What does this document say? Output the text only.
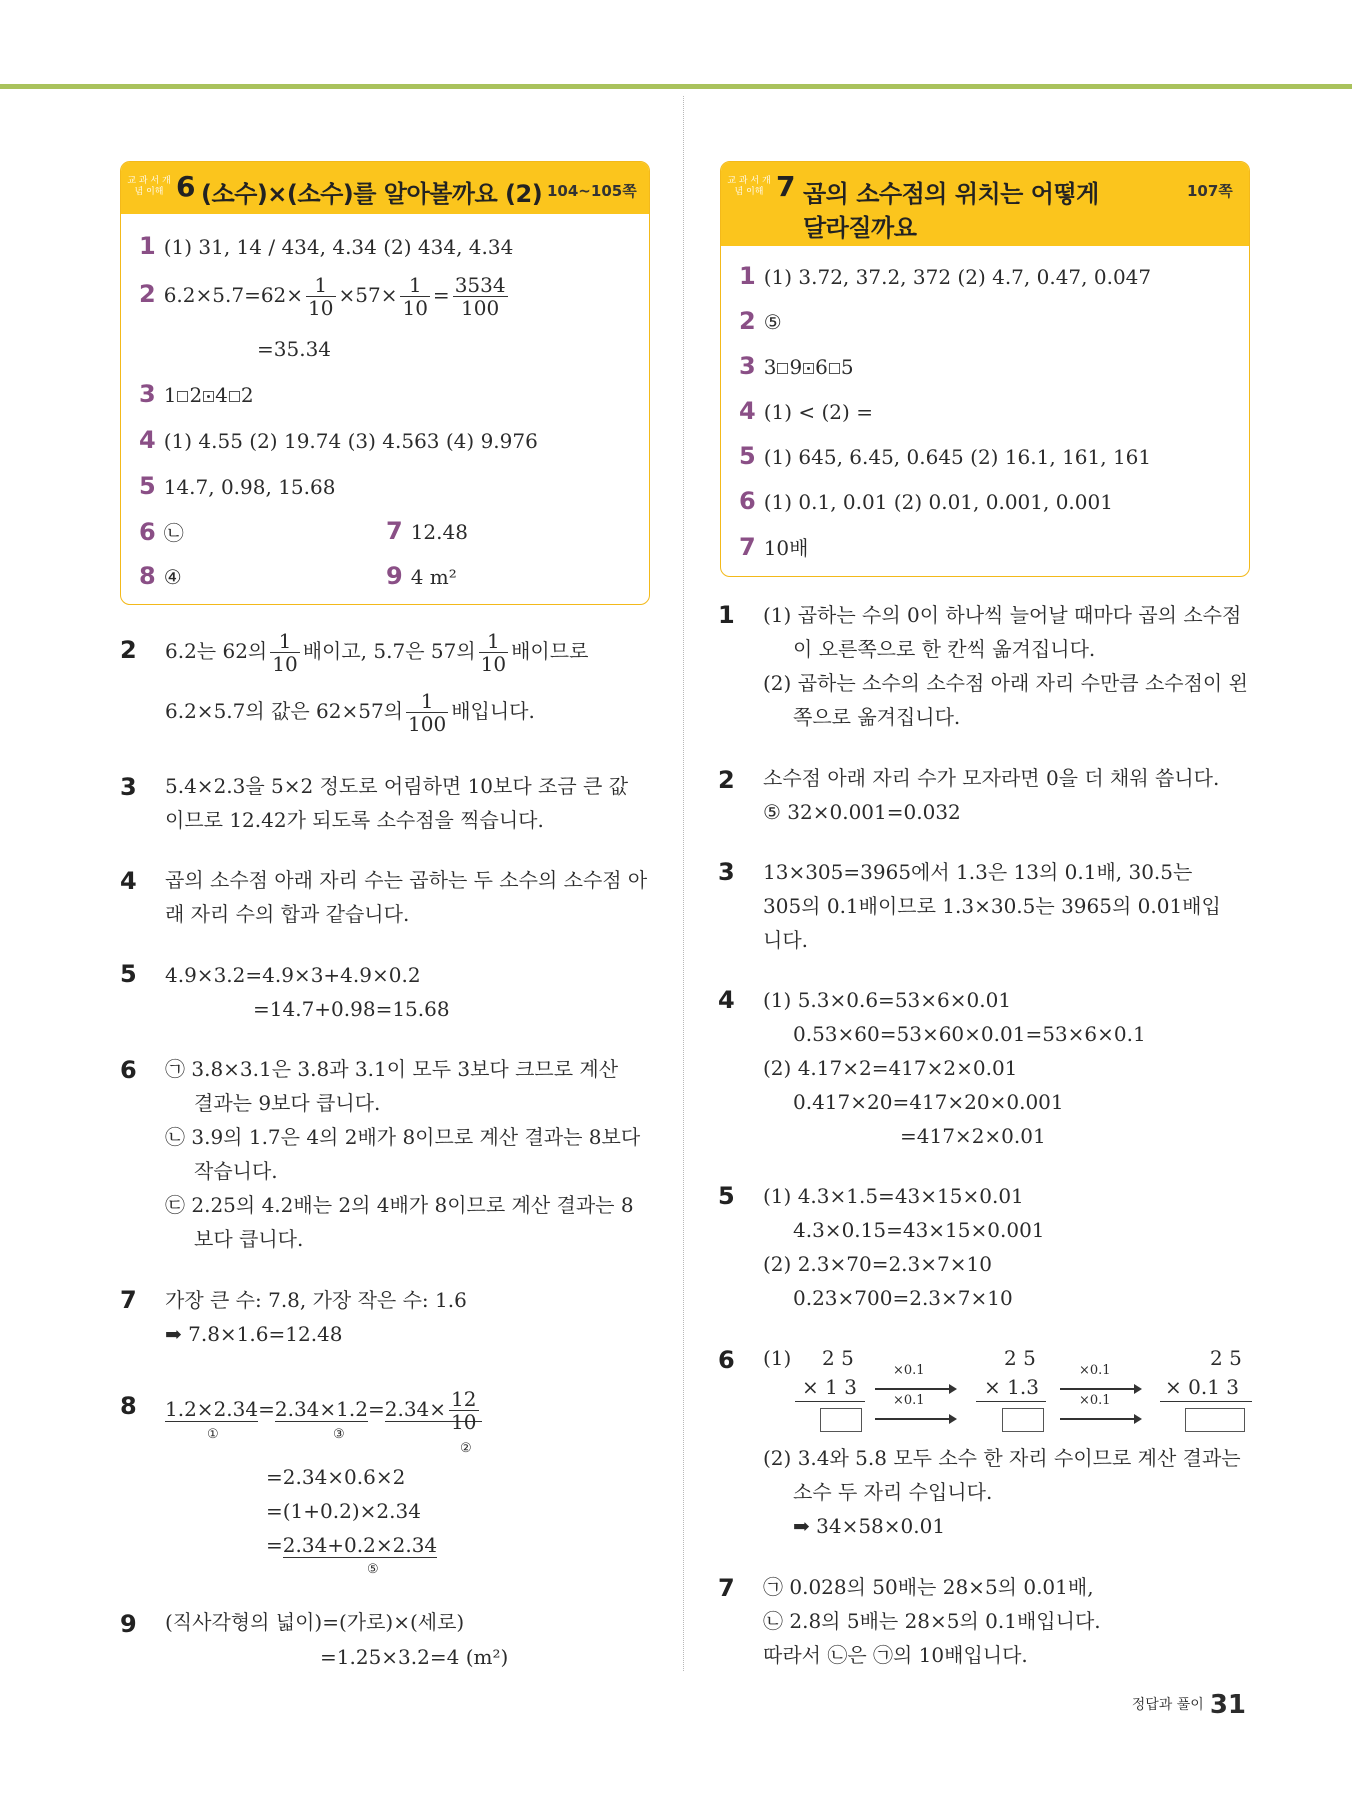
교 과 서 개념 이해 6 (소수)×(소수)를 알아볼까요 (2) 104~105쪽
1 (1) 31, 14 / 434, 4.34 (2) 434, 4.34
2 $6.2\times 5.7=62\times \frac{1}{10} \times 57\times \frac{1}{10} = \frac{3534}{100}$
=35.34
3 1 2 4 2
4 (1) 4.55 (2) 19.74 (3) 4.563 (4) 9.976
5 14.7, 0.98, 15.68
6 ㉡	7 12.48
8 ④	9 4 m²
교 과 서 개념 이해 7 곱의 소수점의 위치는 어떻게
달라질까요
107쪽
1 (1) 3.72, 37.2, 372 (2) 4.7, 0.47, 0.047
2 ⑤
3 3 9 6 5
4 (1) < (2) =
5 (1) 645, 6.45, 0.645 (2) 16.1, 161, 161
6 (1) 0.1, 0.01 (2) 0.01, 0.001, 0.001
7 10배
2 6.2는 62의 $\frac{1}{10}$ 배이고, 5.7은 57의 $\frac{1}{10}$ 배이므로
6.2×5.7의 값은 62×57의 $\frac{1}{100}$ 배입니다.
3 5.4×2.3을 5×2 정도로 어림하면 10보다 조금 큰 값
이므로 12.42가 되도록 소수점을 찍습니다.
4 곱의 소수점 아래 자리 수는 곱하는 두 소수의 소수점 아
래 자리 수의 합과 같습니다.
5 4.9×3.2=4.9×3+4.9×0.2
=14.7+0.98=15.68
6 ㉠ 3.8×3.1은 3.8과 3.1이 모두 3보다 크므로 계산
결과는 9보다 큽니다.
㉡ 3.9의 1.7은 4의 2배가 8이므로 계산 결과는 8보다
작습니다.
㉢ 2.25의 4.2배는 2의 4배가 8이므로 계산 결과는 8
보다 큽니다.
7 가장 큰 수: 7.8, 가장 작은 수: 1.6
➡ 7.8×1.6=12.48
8 $1.2\times 2.34=2.34\times 1.2=2.34\times \frac{12}{10}$
①	③
②
=2.34×0.6×2
=(1+0.2)×2.34
=2.34+0.2×2.34
⑤
9 (직사각형의 넓이)=(가로)×(세로)
=1.25×3.2=4 (m²)
1 (1) 곱하는 수의 0이 하나씩 늘어날 때마다 곱의 소수점
이 오른쪽으로 한 칸씩 옮겨집니다.
(2) 곱하는 소수의 소수점 아래 자리 수만큼 소수점이 왼
쪽으로 옮겨집니다.
2 소수점 아래 자리 수가 모자라면 0을 더 채워 씁니다.
⑤ 32×0.001=0.032
3 13×305=3965에서 1.3은 13의 0.1배, 30.5는
305의 0.1배이므로 1.3×30.5는 3965의 0.01배입
니다.
4 (1) 5.3×0.6=53×6×0.01
0.53×60=53×60×0.01=53×6×0.1
(2) 4.17×2=417×2×0.01
0.417×20=417×20×0.001
=417×2×0.01
5 (1) 4.3×1.5=43×15×0.01
4.3×0.15=43×15×0.001
(2) 2.3×70=2.3×7×10
0.23×700=2.3×7×10
6 (1) 2 5
× 1 3
×0.1
×0.1
2 5
× 1.3
×0.1
×0.1
2 5
× 0.1 3
(2) 3.4와 5.8 모두 소수 한 자리 수이므로 계산 결과는
소수 두 자리 수입니다.
➡ 34×58×0.01
7 ㉠ 0.028의 50배는 28×5의 0.01배,
㉡ 2.8의 5배는 28×5의 0.1배입니다.
따라서 ㉡은 ㉠의 10배입니다.
정답과 풀이 31
